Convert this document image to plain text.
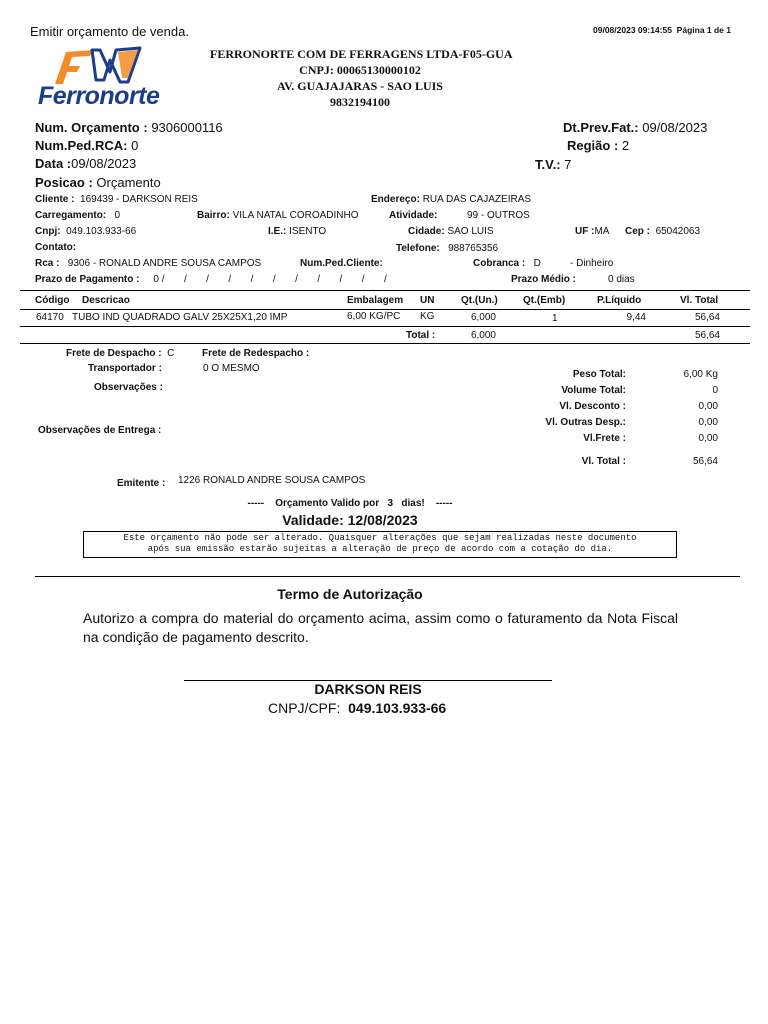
Emitir orçamento de venda.	09/08/2023 09:14:55 Página 1 de 1
Ferronorte
FERRONORTE COM DE FERRAGENS LTDA-F05-GUA
CNPJ: 00065130000102
AV. GUAJAJARAS - SAO LUIS
9832194100
Num. Orçamento : 9306000116
Num.Ped.RCA: 0
Data :09/08/2023
Posicao : Orçamento
Dt.Prev.Fat.: 09/08/2023
Região : 2
T.V.: 7
Cliente : 169439 - DARKSON REIS	Endereço: RUA DAS CAJAZEIRAS
Carregamento: 0	Bairro: VILA NATAL COROADINHO	Atividade:	99 - OUTROS
Cnpj: 049.103.933-66	I.E.: ISENTO	Cidade: SAO LUIS	UF :MA Cep : 65042063
Contato:	Telefone: 988765356
Rca : 9306 - RONALD ANDRE SOUSA CAMPOS	Num.Ped.Cliente:	Cobranca : D	- Dinheiro
Prazo de Pagamento : 0 /       /       /       /       /       /       /       /       /       /       /	Prazo Médio :	0 dias
Código Descricao	Embalagem UN	Qt.(Un.)	Qt.(Emb)	P.Líquido	Vl. Total
64170 TUBO IND QUADRADO GALV 25X25X1,20 IMP	6,00 KG/PC KG	6,000	1	9,44	56,64
Total :	6,000	56,64
Frete de Despacho : C	Frete de Redespacho :
Transportador :	0 O MESMO
Observações :
Observações de Entrega :
Peso Total:	6,00 Kg
Volume Total:	0
Vl. Desconto :	0,00
Vl. Outras Desp.:	0,00
Vl.Frete :	0,00
Vl. Total :	56,64
Emitente : 1226 RONALD ANDRE SOUSA CAMPOS
-----    Orçamento Valido por   3   dias!    -----
Validade: 12/08/2023
Este orçamento não pode ser alterado. Quaisquer alterações que sejam realizadas neste documento
após sua emissão estarão sujeitas a alteração de preço de acordo com a cotação do dia.
Termo de Autorização
Autorizo a compra do material do orçamento acima, assim como o faturamento da Nota Fiscal na condição de pagamento descrito.
DARKSON REIS
CNPJ/CPF: 049.103.933-66
